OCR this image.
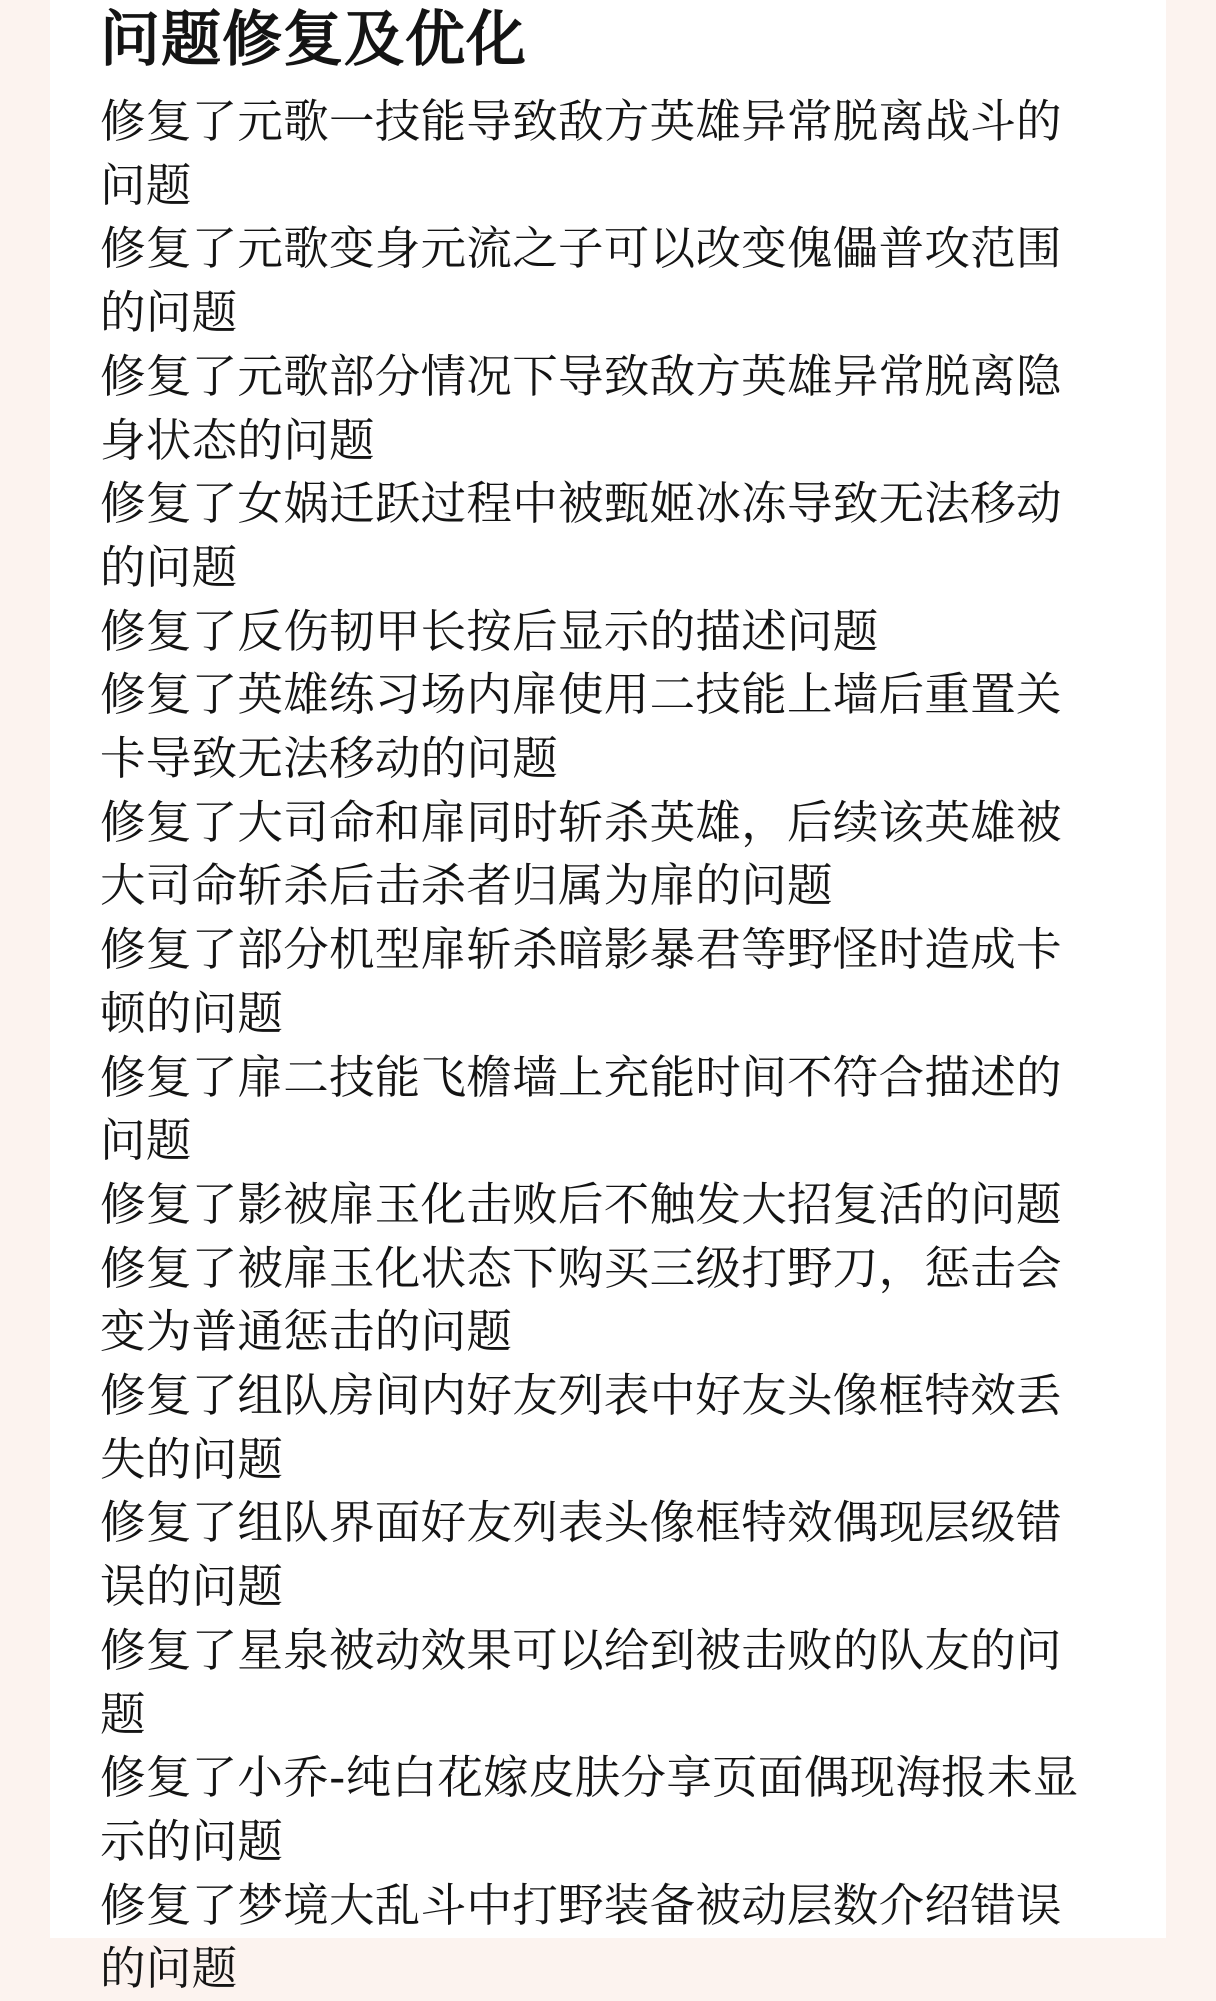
问题修复及优化
修复了元歌一技能导致敌方英雄异常脱离战斗的问题
修复了元歌变身元流之子可以改变傀儡普攻范围的问题
修复了元歌部分情况下导致敌方英雄异常脱离隐身状态的问题
修复了女娲迁跃过程中被甄姬冰冻导致无法移动的问题
修复了反伤韧甲长按后显示的描述问题
修复了英雄练习场内扉使用二技能上墙后重置关卡导致无法移动的问题
修复了大司命和扉同时斩杀英雄，后续该英雄被大司命斩杀后击杀者归属为扉的问题
修复了部分机型扉斩杀暗影暴君等野怪时造成卡顿的问题
修复了扉二技能飞檐墙上充能时间不符合描述的问题
修复了影被扉玉化击败后不触发大招复活的问题
修复了被扉玉化状态下购买三级打野刀，惩击会变为普通惩击的问题
修复了组队房间内好友列表中好友头像框特效丢失的问题
修复了组队界面好友列表头像框特效偶现层级错误的问题
修复了星泉被动效果可以给到被击败的队友的问题
修复了小乔-纯白花嫁皮肤分享页面偶现海报未显示的问题
修复了梦境大乱斗中打野装备被动层数介绍错误的问题
